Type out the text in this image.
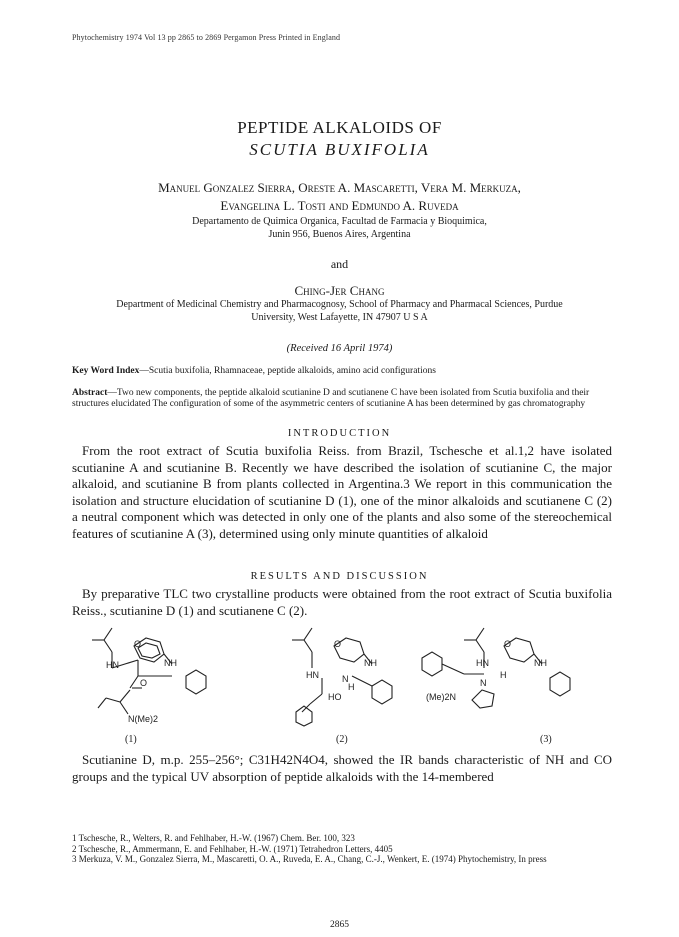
Phytochemistry 1974 Vol 13 pp 2865 to 2869 Pergamon Press Printed in England
PEPTIDE ALKALOIDS OF
SCUTIA BUXIFOLIA
Manuel Gonzalez Sierra, Oreste A. Mascaretti, Vera M. Merkuza,
Evangelina L. Tosti and Edmundo A. Ruveda
Departamento de Quimica Organica, Facultad de Farmacia y Bioquimica,
Junin 956, Buenos Aires, Argentina
and
Ching-Jer Chang
Department of Medicinal Chemistry and Pharmacognosy, School of Pharmacy and Pharmacal Sciences, Purdue
University, West Lafayette, IN 47907 U S A
(Received 16 April 1974)
Key Word Index—Scutia buxifolia, Rhamnaceae, peptide alkaloids, amino acid configurations
Abstract—Two new components, the peptide alkaloid scutianine D and scutianene C have been isolated from Scutia buxifolia and their structures elucidated The configuration of some of the asymmetric centers of scutianine A has been determined by gas chromatography
INTRODUCTION

From the root extract of Scutia buxifolia Reiss. from Brazil, Tschesche et al.1,2 have isolated scutianine A and scutianine B. Recently we have described the isolation of scutianine C, the major alkaloid, and scutianine B from plants collected in Argentina.3 We report in this communication the isolation and structure elucidation of scutianine D (1), one of the minor alkaloids and scutianene C (2) a neutral component which was detected in only one of the plants and also some of the stereochemical features of scutianine A (3), determined using only minute quantities of alkaloid

RESULTS AND DISCUSSION

By preparative TLC two crystalline products were obtained from the root extract of Scutia buxifolia Reiss., scutianine D (1) and scutianene C (2).

O
NH
HN
O
N(Me)2
O
NH
HN	N
H
HO
O
NH
HN
N
H
(Me)2N
(1)	(2)	(3)

Scutianine D, m.p. 255–256°; C31H42N4O4, showed the IR bands characteristic of NH and CO groups and the typical UV absorption of peptide alkaloids with the 14-membered

1 Tschesche, R., Welters, R. and Fehlhaber, H.-W. (1967) Chem. Ber. 100, 323
2 Tschesche, R., Ammermann, E. and Fehlhaber, H.-W. (1971) Tetrahedron Letters, 4405
3 Merkuza, V. M., Gonzalez Sierra, M., Mascaretti, O. A., Ruveda, E. A., Chang, C.-J., Wenkert, E. (1974) Phytochemistry, In press
2865
